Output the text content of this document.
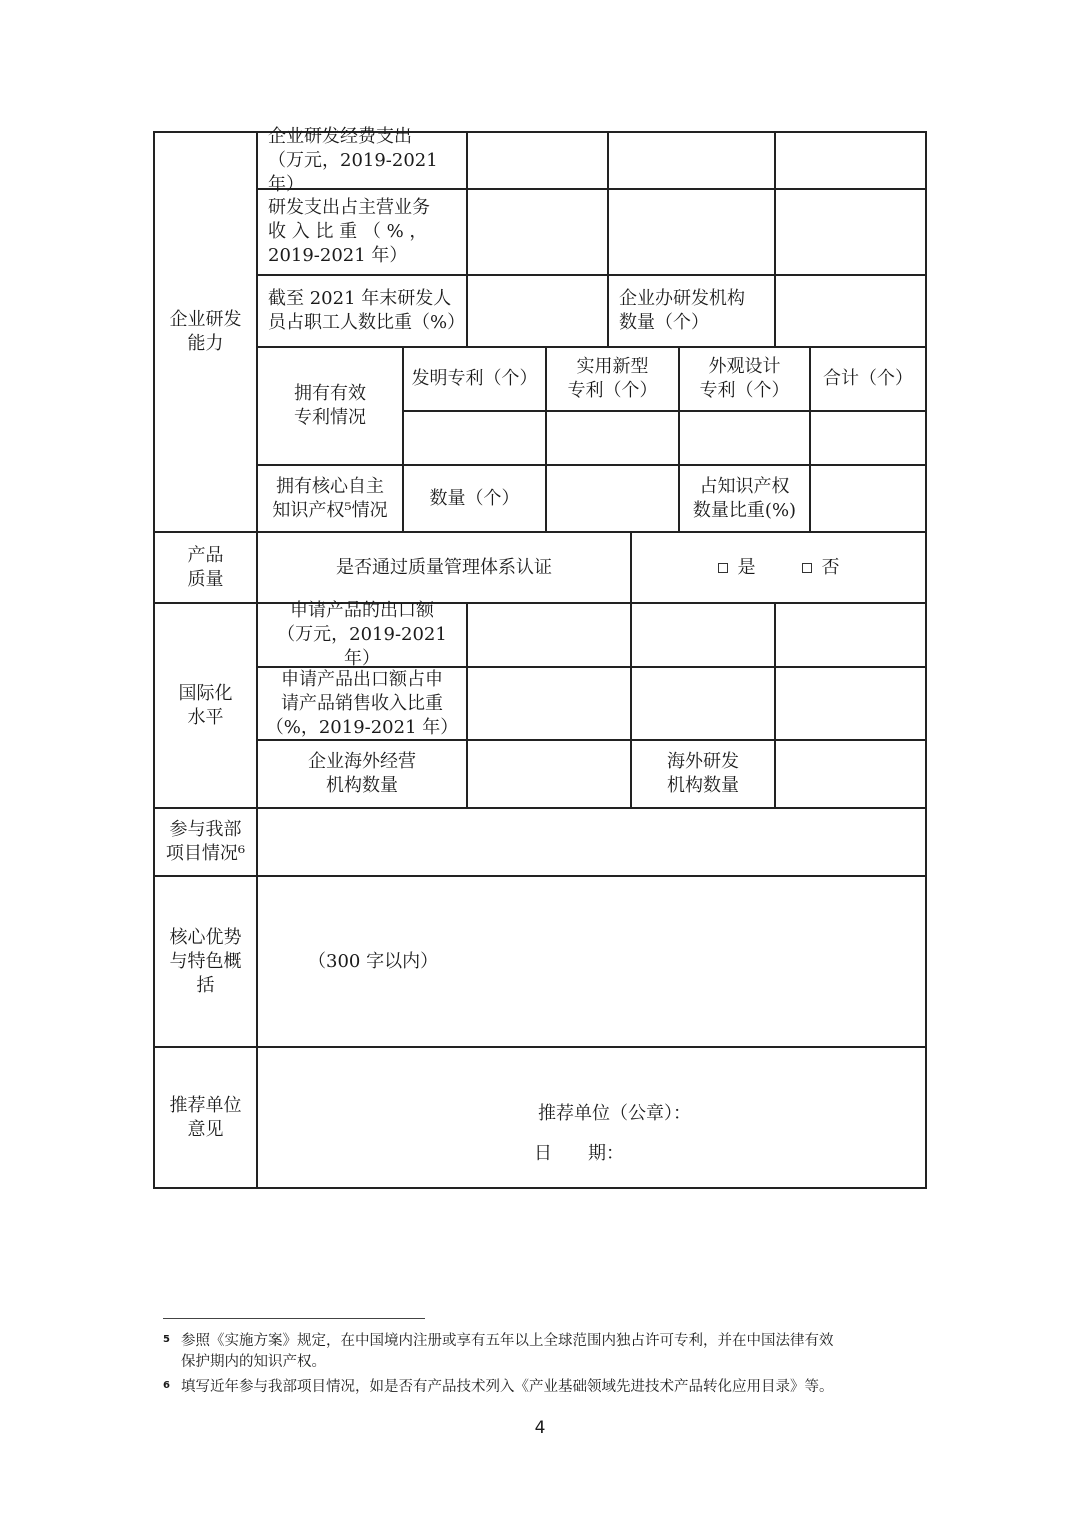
企业研发
能力
企业研发经费支出
（万元，2019-2021 年）
研发支出占主营业务
收 入 比 重 （ % ，
2019-2021 年）
截至 2021 年末研发人
员占职工人数比重（%）
企业办研发机构
数量（个）
拥有有效
专利情况
发明专利（个）
实用新型
专利（个）
外观设计
专利（个）
合计（个）
拥有核心自主
知识产权⁵情况
数量（个）
占知识产权
数量比重(%)
产品
质量
是否通过质量管理体系认证	是	否
国际化
水平
申请产品的出口额
（万元，2019-2021 年）
申请产品出口额占申
请产品销售收入比重
（%，2019-2021 年）
企业海外经营
机构数量
海外研发
机构数量
参与我部
项目情况⁶
核心优势
与特色概
括
（300 字以内）
推荐单位
意见
推荐单位（公章）：
日　　期：
5 参照《实施方案》规定，在中国境内注册或享有五年以上全球范围内独占许可专利，并在中国法律有效
保护期内的知识产权。
6 填写近年参与我部项目情况，如是否有产品技术列入《产业基础领域先进技术产品转化应用目录》等。
4
